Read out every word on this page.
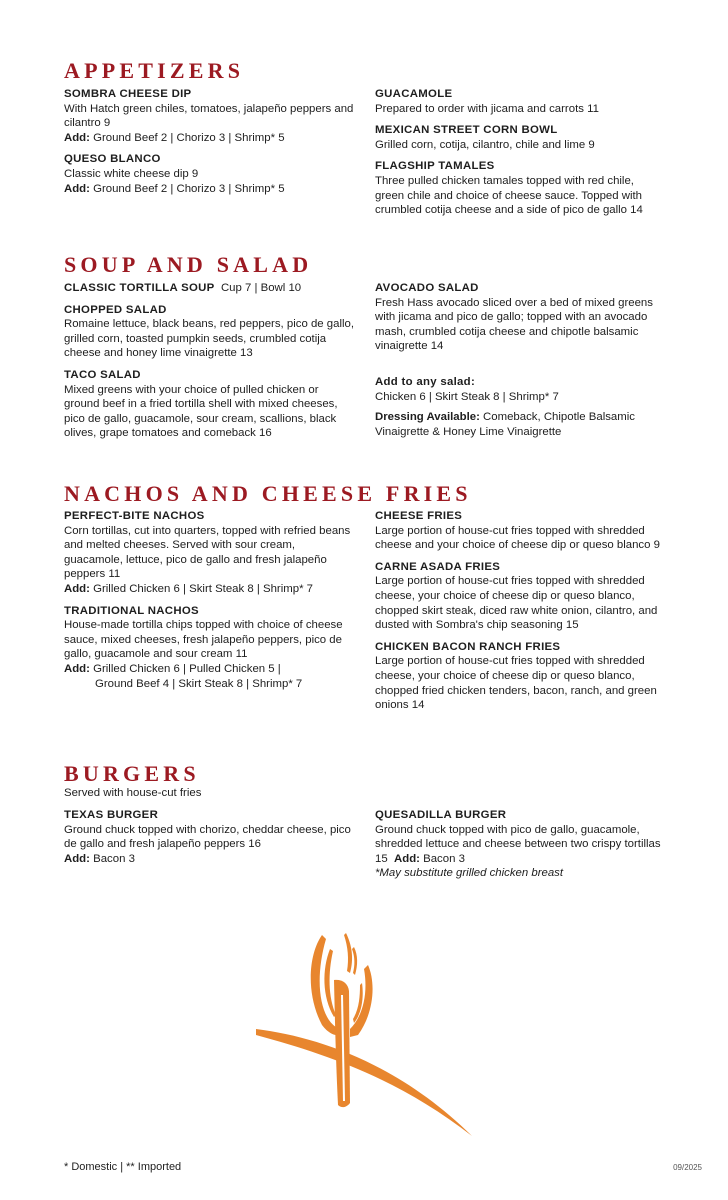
APPETIZERS
SOMBRA CHEESE DIP
With Hatch green chiles, tomatoes, jalapeño peppers and cilantro 9
Add: Ground Beef 2 | Chorizo 3 | Shrimp* 5
QUESO BLANCO
Classic white cheese dip 9
Add: Ground Beef 2 | Chorizo 3 | Shrimp* 5
GUACAMOLE
Prepared to order with jicama and carrots 11
MEXICAN STREET CORN BOWL
Grilled corn, cotija, cilantro, chile and lime 9
FLAGSHIP TAMALES
Three pulled chicken tamales topped with red chile, green chile and choice of cheese sauce. Topped with crumbled cotija cheese and a side of pico de gallo 14
SOUP AND SALAD
CLASSIC TORTILLA SOUP Cup 7 | Bowl 10
CHOPPED SALAD
Romaine lettuce, black beans, red peppers, pico de gallo, grilled corn, toasted pumpkin seeds, crumbled cotija cheese and honey lime vinaigrette 13
TACO SALAD
Mixed greens with your choice of pulled chicken or ground beef in a fried tortilla shell with mixed cheeses, pico de gallo, guacamole, sour cream, scallions, black olives, grape tomatoes and comeback 16
AVOCADO SALAD
Fresh Hass avocado sliced over a bed of mixed greens with jicama and pico de gallo; topped with an avocado mash, crumbled cotija cheese and chipotle balsamic vinaigrette 14
Add to any salad:
Chicken 6 | Skirt Steak 8 | Shrimp* 7
Dressing Available: Comeback, Chipotle Balsamic Vinaigrette & Honey Lime Vinaigrette
NACHOS AND CHEESE FRIES
PERFECT-BITE NACHOS
Corn tortillas, cut into quarters, topped with refried beans and melted cheeses. Served with sour cream, guacamole, lettuce, pico de gallo and fresh jalapeño peppers 11
Add: Grilled Chicken 6 | Skirt Steak 8 | Shrimp* 7
TRADITIONAL NACHOS
House-made tortilla chips topped with choice of cheese sauce, mixed cheeses, fresh jalapeño peppers, pico de gallo, guacamole and sour cream 11
Add: Grilled Chicken 6 | Pulled Chicken 5 |
Ground Beef 4 | Skirt Steak 8 | Shrimp* 7
CHEESE FRIES
Large portion of house-cut fries topped with shredded cheese and your choice of cheese dip or queso blanco 9
CARNE ASADA FRIES
Large portion of house-cut fries topped with shredded cheese, your choice of cheese dip or queso blanco, chopped skirt steak, diced raw white onion, cilantro, and dusted with Sombra's chip seasoning 15
CHICKEN BACON RANCH FRIES
Large portion of house-cut fries topped with shredded cheese, your choice of cheese dip or queso blanco, chopped fried chicken tenders, bacon, ranch, and green onions 14
BURGERS
Served with house-cut fries
TEXAS BURGER
Ground chuck topped with chorizo, cheddar cheese, pico de gallo and fresh jalapeño peppers 16
Add: Bacon 3
QUESADILLA BURGER
Ground chuck topped with pico de gallo, guacamole, shredded lettuce and cheese between two crispy tortillas 15 Add: Bacon 3
*May substitute grilled chicken breast
* Domestic | ** Imported	09/2025
